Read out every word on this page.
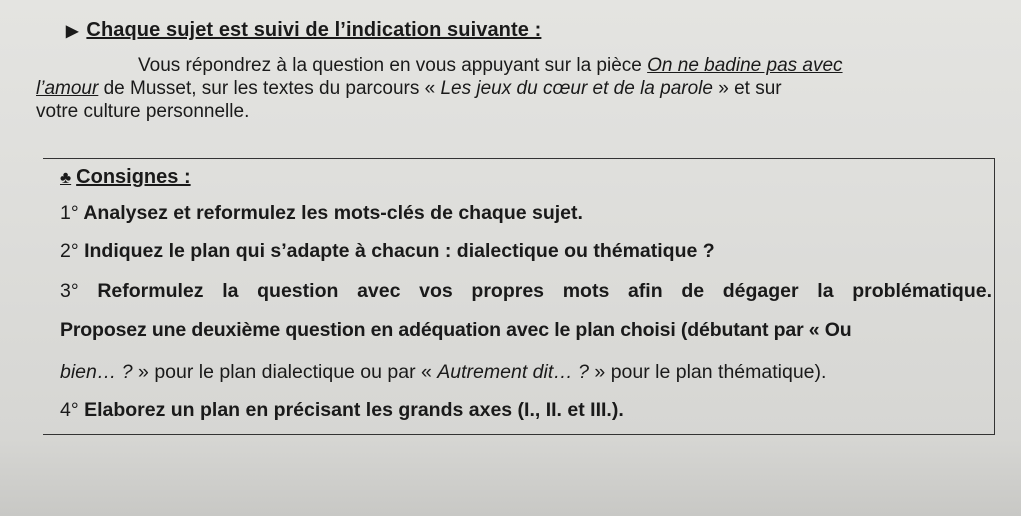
▶ Chaque sujet est suivi de l’indication suivante :

Vous répondrez à la question en vous appuyant sur la pièce On ne badine pas avec

l’amour de Musset, sur les textes du parcours « Les jeux du cœur et de la parole » et sur

votre culture personnelle.

♣ Consignes :
1° Analysez et reformulez les mots-clés de chaque sujet.
2° Indiquez le plan qui s’adapte à chacun : dialectique ou thématique ?
3° Reformulez la question avec vos propres mots afin de dégager la problématique.
Proposez une deuxième question en adéquation avec le plan choisi (débutant par « Ou
bien… ? » pour le plan dialectique ou par « Autrement dit… ? » pour le plan thématique).
4° Elaborez un plan en précisant les grands axes (I., II. et III.).
